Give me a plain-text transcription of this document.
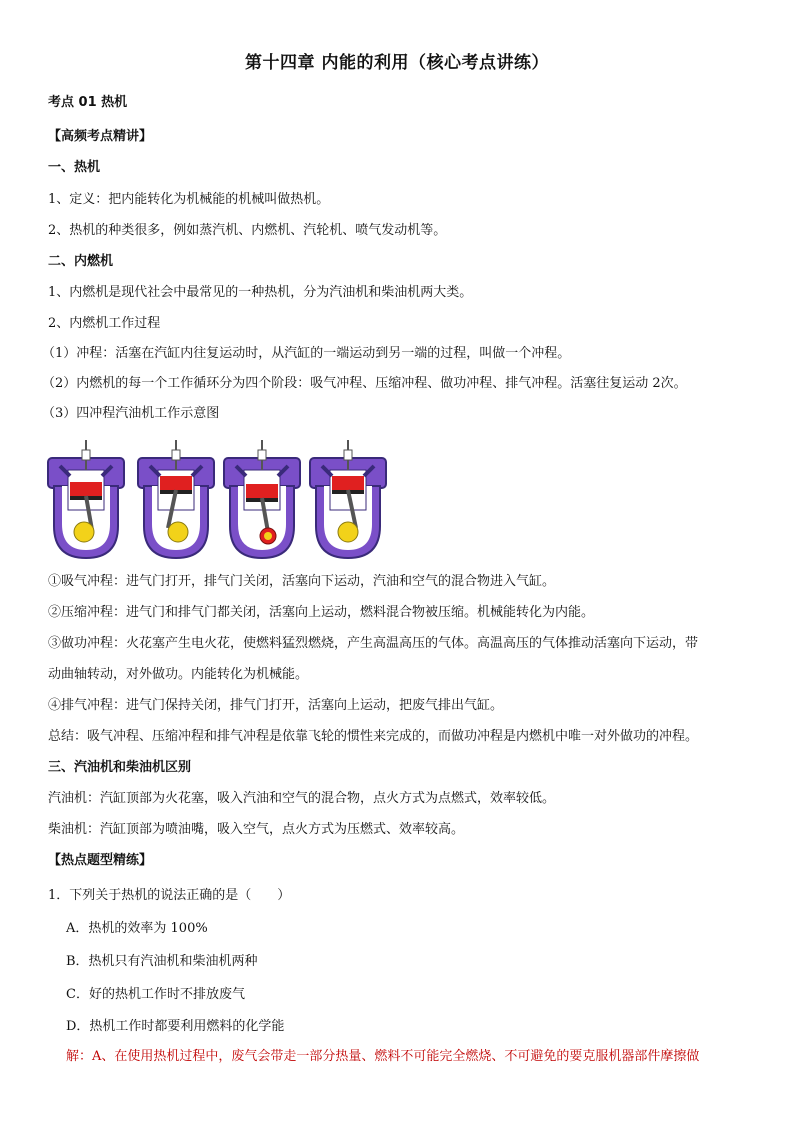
第十四章 内能的利用（核心考点讲练）
考点 01 热机
【高频考点精讲】
一、热机
1、定义：把内能转化为机械能的机械叫做热机。
2、热机的种类很多，例如蒸汽机、内燃机、汽轮机、喷气发动机等。
二、内燃机
1、内燃机是现代社会中最常见的一种热机，分为汽油机和柴油机两大类。
2、内燃机工作过程
（1）冲程：活塞在汽缸内往复运动时，从汽缸的一端运动到另一端的过程，叫做一个冲程。
（2）内燃机的每一个工作循环分为四个阶段：吸气冲程、压缩冲程、做功冲程、排气冲程。活塞往复运动 2次。
（3）四冲程汽油机工作示意图
①吸气冲程：进气门打开，排气门关闭，活塞向下运动，汽油和空气的混合物进入气缸。
②压缩冲程：进气门和排气门都关闭，活塞向上运动，燃料混合物被压缩。机械能转化为内能。
③做功冲程：火花塞产生电火花，使燃料猛烈燃烧，产生高温高压的气体。高温高压的气体推动活塞向下运动，带
动曲轴转动，对外做功。内能转化为机械能。
④排气冲程：进气门保持关闭，排气门打开，活塞向上运动，把废气排出气缸。
总结：吸气冲程、压缩冲程和排气冲程是依靠飞轮的惯性来完成的，而做功冲程是内燃机中唯一对外做功的冲程。
三、汽油机和柴油机区别
汽油机：汽缸顶部为火花塞，吸入汽油和空气的混合物，点火方式为点燃式，效率较低。
柴油机：汽缸顶部为喷油嘴，吸入空气，点火方式为压燃式、效率较高。
【热点题型精练】
1．下列关于热机的说法正确的是（　　）
A．热机的效率为 100%
B．热机只有汽油机和柴油机两种
C．好的热机工作时不排放废气
D．热机工作时都要利用燃料的化学能
解：A、在使用热机过程中，废气会带走一部分热量、燃料不可能完全燃烧、不可避免的要克服机器部件摩擦做
